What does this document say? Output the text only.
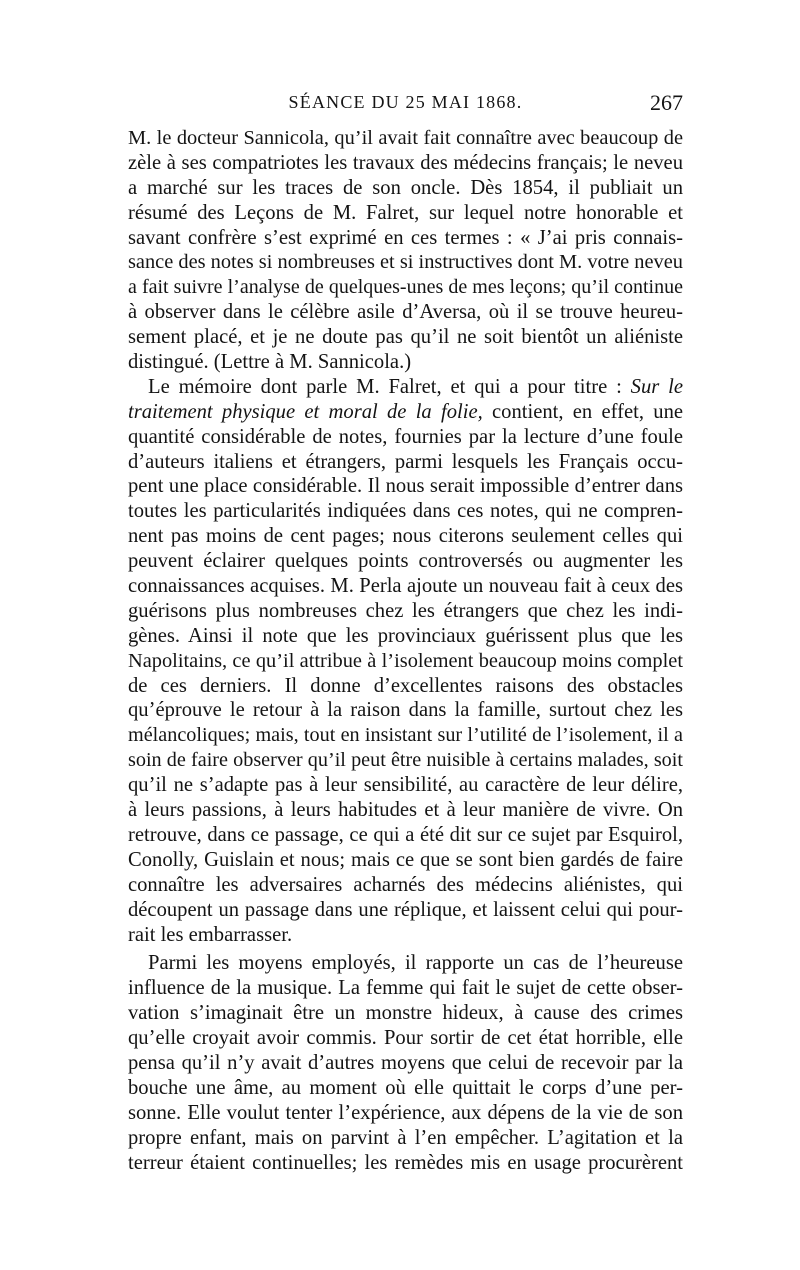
SÉANCE DU 25 MAI 1868.	267
M. le docteur Sannicola, qu’il avait fait connaître avec beaucoup de
zèle à ses compatriotes les travaux des médecins français; le neveu
a marché sur les traces de son oncle. Dès 1854, il publiait un
résumé des Leçons de M. Falret, sur lequel notre honorable et
savant confrère s’est exprimé en ces termes : « J’ai pris connais-
sance des notes si nombreuses et si instructives dont M. votre neveu
a fait suivre l’analyse de quelques-unes de mes leçons; qu’il continue
à observer dans le célèbre asile d’Aversa, où il se trouve heureu-
sement placé, et je ne doute pas qu’il ne soit bientôt un aliéniste
distingué. (Lettre à M. Sannicola.)
Le mémoire dont parle M. Falret, et qui a pour titre : Sur le
traitement physique et moral de la folie, contient, en effet, une
quantité considérable de notes, fournies par la lecture d’une foule
d’auteurs italiens et étrangers, parmi lesquels les Français occu-
pent une place considérable. Il nous serait impossible d’entrer dans
toutes les particularités indiquées dans ces notes, qui ne compren-
nent pas moins de cent pages; nous citerons seulement celles qui
peuvent éclairer quelques points controversés ou augmenter les
connaissances acquises. M. Perla ajoute un nouveau fait à ceux des
guérisons plus nombreuses chez les étrangers que chez les indi-
gènes. Ainsi il note que les provinciaux guérissent plus que les
Napolitains, ce qu’il attribue à l’isolement beaucoup moins complet
de ces derniers. Il donne d’excellentes raisons des obstacles
qu’éprouve le retour à la raison dans la famille, surtout chez les
mélancoliques; mais, tout en insistant sur l’utilité de l’isolement, il a
soin de faire observer qu’il peut être nuisible à certains malades, soit
qu’il ne s’adapte pas à leur sensibilité, au caractère de leur délire,
à leurs passions, à leurs habitudes et à leur manière de vivre. On
retrouve, dans ce passage, ce qui a été dit sur ce sujet par Esquirol,
Conolly, Guislain et nous; mais ce que se sont bien gardés de faire
connaître les adversaires acharnés des médecins aliénistes, qui
découpent un passage dans une réplique, et laissent celui qui pour-
rait les embarrasser.
Parmi les moyens employés, il rapporte un cas de l’heureuse
influence de la musique. La femme qui fait le sujet de cette obser-
vation s’imaginait être un monstre hideux, à cause des crimes
qu’elle croyait avoir commis. Pour sortir de cet état horrible, elle
pensa qu’il n’y avait d’autres moyens que celui de recevoir par la
bouche une âme, au moment où elle quittait le corps d’une per-
sonne. Elle voulut tenter l’expérience, aux dépens de la vie de son
propre enfant, mais on parvint à l’en empêcher. L’agitation et la
terreur étaient continuelles; les remèdes mis en usage procurèrent
